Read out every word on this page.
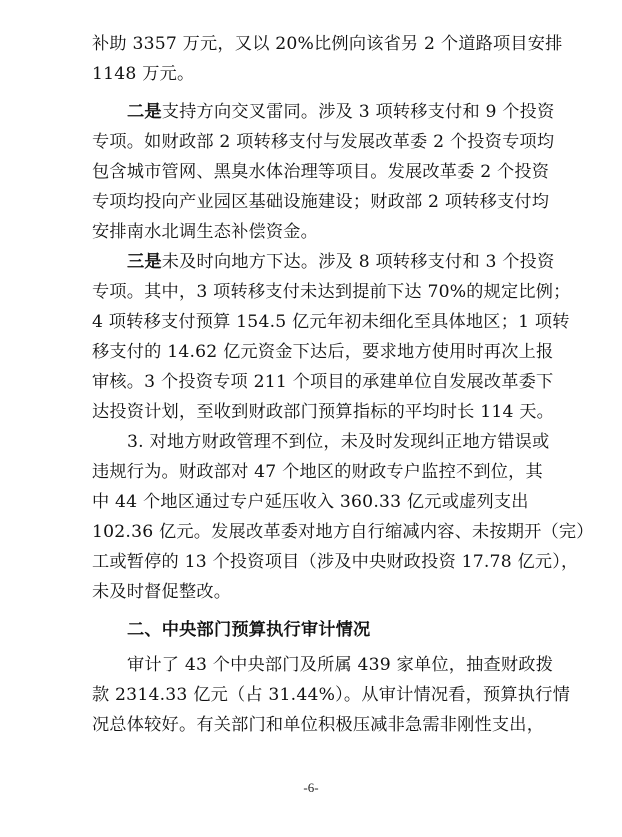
补助 3357 万元，又以 20%比例向该省另 2 个道路项目安排
1148 万元。
二是支持方向交叉雷同。涉及 3 项转移支付和 9 个投资
专项。如财政部 2 项转移支付与发展改革委 2 个投资专项均
包含城市管网、黑臭水体治理等项目。发展改革委 2 个投资
专项均投向产业园区基础设施建设；财政部 2 项转移支付均
安排南水北调生态补偿资金。
三是未及时向地方下达。涉及 8 项转移支付和 3 个投资
专项。其中，3 项转移支付未达到提前下达 70%的规定比例；
4 项转移支付预算 154.5 亿元年初未细化至具体地区；1 项转
移支付的 14.62 亿元资金下达后，要求地方使用时再次上报
审核。3 个投资专项 211 个项目的承建单位自发展改革委下
达投资计划，至收到财政部门预算指标的平均时长 114 天。
3. 对地方财政管理不到位，未及时发现纠正地方错误或
违规行为。财政部对 47 个地区的财政专户监控不到位，其
中 44 个地区通过专户延压收入 360.33 亿元或虚列支出
102.36 亿元。发展改革委对地方自行缩减内容、未按期开（完）
工或暂停的 13 个投资项目（涉及中央财政投资 17.78 亿元），
未及时督促整改。
二、中央部门预算执行审计情况
审计了 43 个中央部门及所属 439 家单位，抽查财政拨
款 2314.33 亿元（占 31.44%）。从审计情况看，预算执行情
况总体较好。有关部门和单位积极压减非急需非刚性支出，
-6-
